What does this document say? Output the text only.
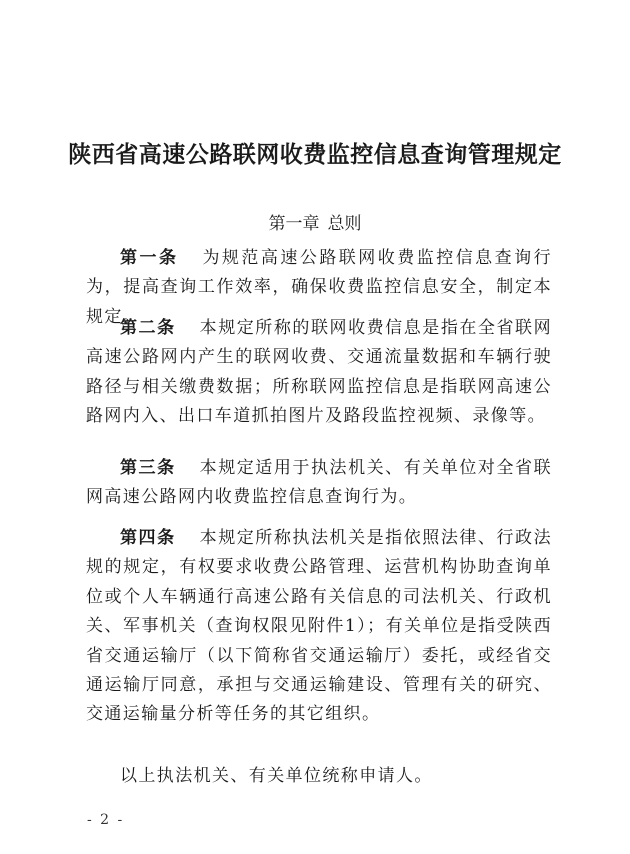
陕西省高速公路联网收费监控信息查询管理规定
第一章 总则

第一条 为规范高速公路联网收费监控信息查询行为，提高查询工作效率，确保收费监控信息安全，制定本规定。

第二条 本规定所称的联网收费信息是指在全省联网高速公路网内产生的联网收费、交通流量数据和车辆行驶路径与相关缴费数据；所称联网监控信息是指联网高速公路网内入、出口车道抓拍图片及路段监控视频、录像等。

第三条 本规定适用于执法机关、有关单位对全省联网高速公路网内收费监控信息查询行为。

第四条 本规定所称执法机关是指依照法律、行政法规的规定，有权要求收费公路管理、运营机构协助查询单位或个人车辆通行高速公路有关信息的司法机关、行政机关、军事机关（查询权限见附件1）；有关单位是指受陕西省交通运输厅（以下简称省交通运输厅）委托，或经省交通运输厅同意，承担与交通运输建设、管理有关的研究、交通运输量分析等任务的其它组织。

以上执法机关、有关单位统称申请人。

- 2 -
